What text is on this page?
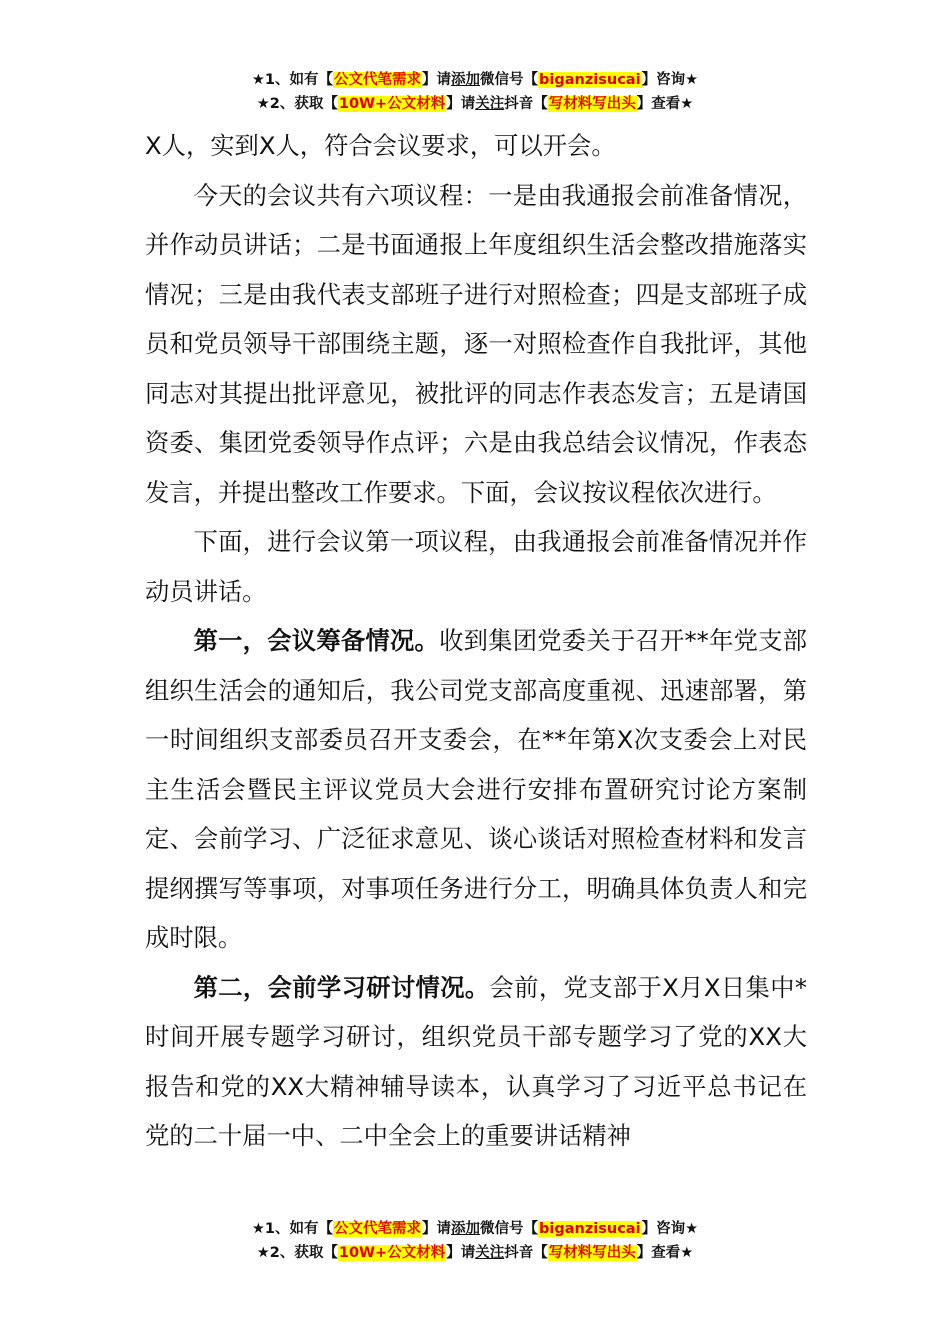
★1、如有【公文代笔需求】请添加微信号【biganzisucai】咨询★
★2、获取【10W+公文材料】请关注抖音【写材料写出头】查看★

X人，实到X人，符合会议要求，可以开会。

今天的会议共有六项议程：一是由我通报会前准备情况，并作动员讲话；二是书面通报上年度组织生活会整改措施落实情况；三是由我代表支部班子进行对照检查；四是支部班子成员和党员领导干部围绕主题，逐一对照检查作自我批评，其他同志对其提出批评意见，被批评的同志作表态发言；五是请国资委、集团党委领导作点评；六是由我总结会议情况，作表态发言，并提出整改工作要求。下面，会议按议程依次进行。

下面，进行会议第一项议程，由我通报会前准备情况并作动员讲话。

第一，会议筹备情况。收到集团党委关于召开**年党支部组织生活会的通知后，我公司党支部高度重视、迅速部署，第一时间组织支部委员召开支委会，在**年第X次支委会上对民主生活会暨民主评议党员大会进行安排布置研究讨论方案制定、会前学习、广泛征求意见、谈心谈话对照检查材料和发言提纲撰写等事项，对事项任务进行分工，明确具体负责人和完成时限。

第二，会前学习研讨情况。会前，党支部于X月X日集中*时间开展专题学习研讨，组织党员干部专题学习了党的XX大报告和党的XX大精神辅导读本，认真学习了习近平总书记在党的二十届一中、二中全会上的重要讲话精神

★1、如有【公文代笔需求】请添加微信号【biganzisucai】咨询★
★2、获取【10W+公文材料】请关注抖音【写材料写出头】查看★
